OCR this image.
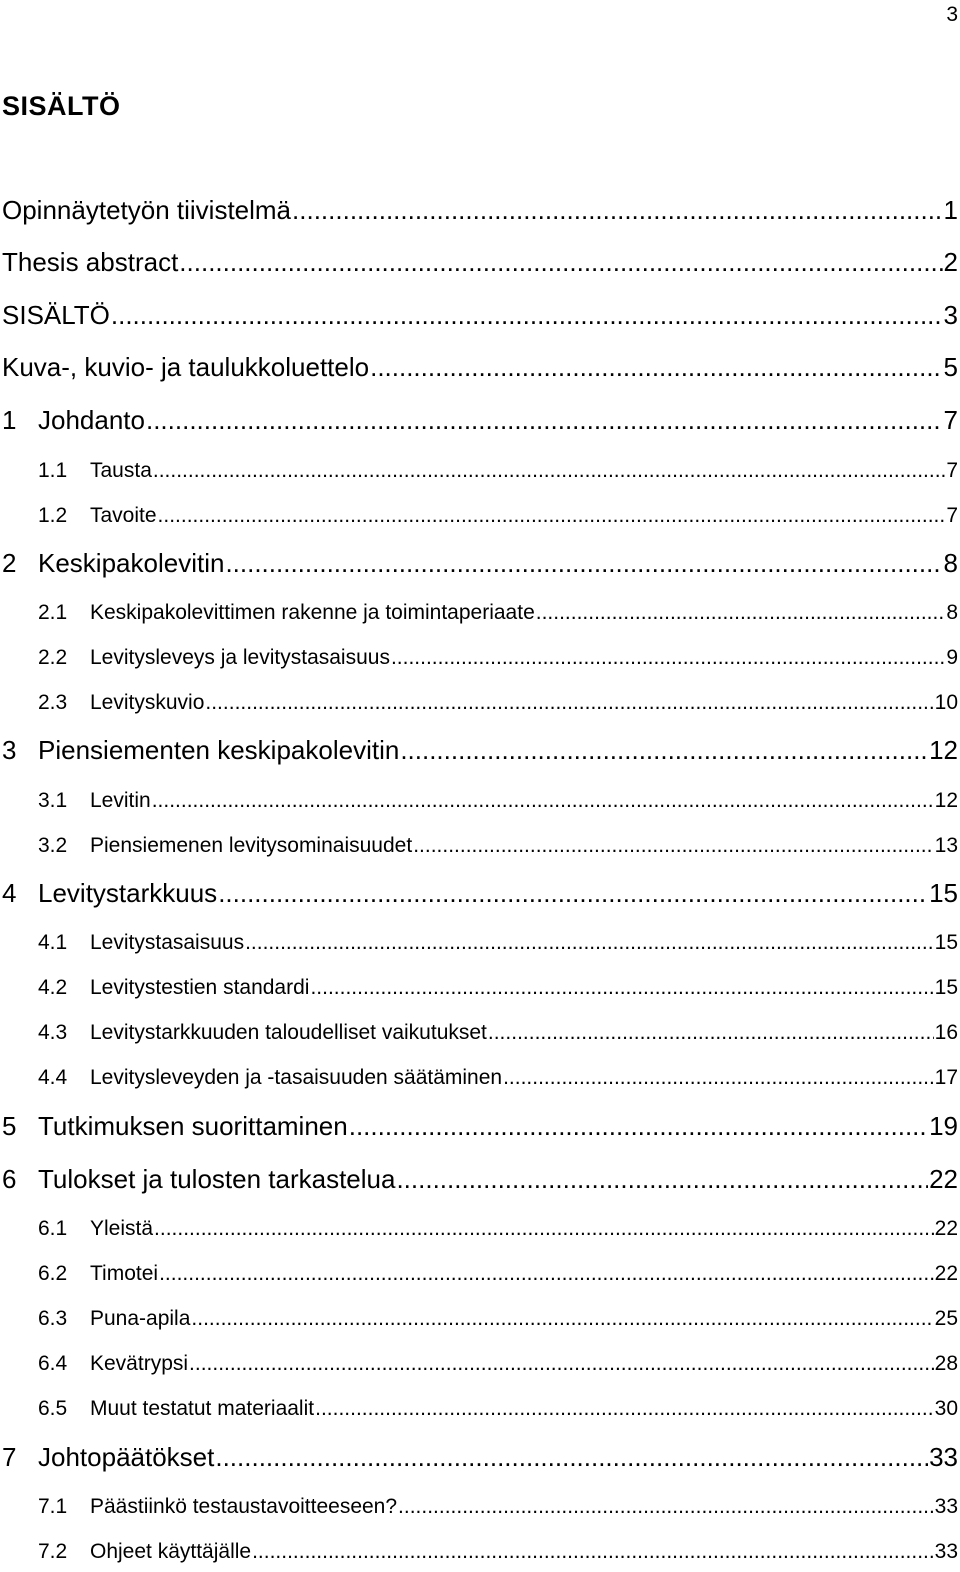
3
SISÄLTÖ
Opinnäytetyön tiivistelmä .....	1
Thesis abstract .....	2
SISÄLTÖ .....	3
Kuva-, kuvio- ja taulukkoluettelo .....	5
1 Johdanto .....	7
1.1	Tausta .....	7
1.2	Tavoite .....	7
2 Keskipakolevitin .....	8
2.1	Keskipakolevittimen rakenne ja toimintaperiaate .....	8
2.2	Levitysleveys ja levitystasaisuus .....	9
2.3	Levityskuvio .....	10
3 Piensiementen keskipakolevitin .....	12
3.1	Levitin .....	12
3.2	Piensiemenen levitysominaisuudet .....	13
4 Levitystarkkuus .....	15
4.1	Levitystasaisuus .....	15
4.2	Levitystestien standardi .....	15
4.3	Levitystarkkuuden taloudelliset vaikutukset .....	16
4.4	Levitysleveyden ja -tasaisuuden säätäminen .....	17
5 Tutkimuksen suorittaminen .....	19
6 Tulokset ja tulosten tarkastelua .....	22
6.1	Yleistä .....	22
6.2	Timotei .....	22
6.3	Puna-apila .....	25
6.4	Kevätrypsi .....	28
6.5	Muut testatut materiaalit .....	30
7 Johtopäätökset .....	33
7.1	Päästiinkö testaustavoitteeseen? .....	33
7.2	Ohjeet käyttäjälle .....	33
